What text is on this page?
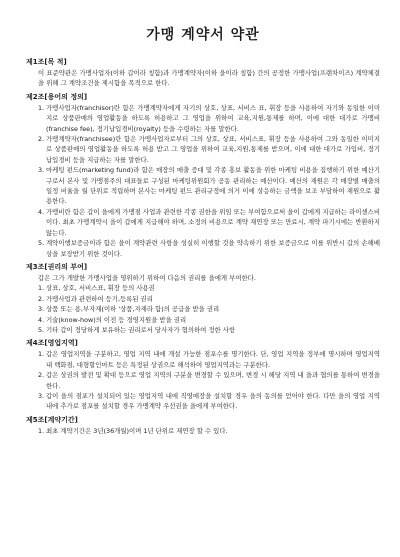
가맹 계약서 약관
제1조[목 적]

이 표준약관은 가맹사업자(이하 갑이라 칭함)과 가맹계약자(이하 을이라 칭함) 간의 공정한 가맹사업(프랜차이즈) 계약체결을 위해 그 계약조건을 제시함을 목적으로 한다.

제2조[용어의 정의]
1. 가맹사업자(franchisor)란 함은 가맹계약자에게 자기의 상호, 상표, 서비스 표, 휘장 등을 사용하여 자기와 동일한 이미지로 상품판매의 영업활동을 하도록 허용하고 그 영업을 위하여 교육,지원,통제를 하며, 이에 대한 대가로 가맹비(franchise fee), 정기납입경비(royalty) 등을 수령하는 자를 말한다.
2. 가맹계약자(franchisee)란 함은 가맹사업자로부터 그의 상호, 상표, 서비스표, 휘장 등을 사용하여 그와 동일한 이미지로 상품판매의 영업활동을 하도록 허용 받고 그 영업을 위하여 교육,지원,통제를 받으며, 이에 대한 대가로 가입비, 정기납입경비 등을 지급하는 자를 말한다.
3. 마케팅 펀드(marketing fund)라 함은 매장의 매출 증대 및 각종 홍보 활동을 위한 마케팅 비용을 집행하기 위한 예산기구로서 본사 및 가맹점주의 대표들로 구성된 마케팅위원회가 공동 관리하는 예산이다. 예산의 재원은 각 매장별 매출의 일정 비율을 월 단위로 적립하며 본사는 마케팅 펀드 관리규정에 의거 이에 상응하는 금액을 보조 부담하여 재원으로 활용한다.
4. 가맹비란 함은 갑이 을에게 가맹점 사업과 관련한 각종 권한을 위임 또는 부여함으로써 을이 갑에게 지급하는 라이센스비이다. 최초 가맹계약시 을이 갑에게 지급해야 하며, 소정의 비용으로 계약 재연장 또는 만료시, 계약 파기시에는 반환하지 않는다.
5. 계약이행보증금이라 함은 을이 계약관련 사항을 성실히 이행할 것을 약속하기 위한 보증금으로 이를 위반시 갑의 손해배상을 보장받기 위한 것이다.
제3조[권리의 부여]

갑은 그가 개발한 가맹사업을 영위하기 위하여 다음의 권리를 을에게 부여한다.

1. 상표, 상호, 서비스표, 휘장 등의 사용권
2. 가맹사업과 관련하여 등기,등록된 권리
3. 상품 또는 용,부자재(이하 '상품,자재라 함)의 공급을 받을 권리
4. 기술(know-how)의 이전 등 경영지원을 받을 권리
5. 기타 갑이 정당하게 보유하는 권리로서 당사자가 협의하여 정한 사항
제4조[영업지역]
1. 갑은 영업지역을 구분하고, 영업 지역 내에 개설 가능한 점포수를 명기한다. 단, 영업 지역을 정부에 명시하며 영업지역 내 백화점, 대형할인마트 등은 특정된 상권으로 해석하여 영업지역과는 구분한다.
2. 갑은 상권의 발전 및 확대 등으로 영업 지역의 구분을 변경할 수 있으며, 변경 시 해당 지역 내 을과 협의를 통하여 변경을 한다.
3. 갑이 을의 점포가 설치되어 있는 영업지역 내에 직영매장을 설치할 경우 을의 동의를 얻어야 한다. 다만 을의 영업 지역 내에 추가로 점포를 설치할 경우 가맹계약 우선권을 을에게 부여한다.
제5조[계약기간]
1. 최초 계약기간은 3년(36개월)이며 1년 단위로 재연장 할 수 있다.
